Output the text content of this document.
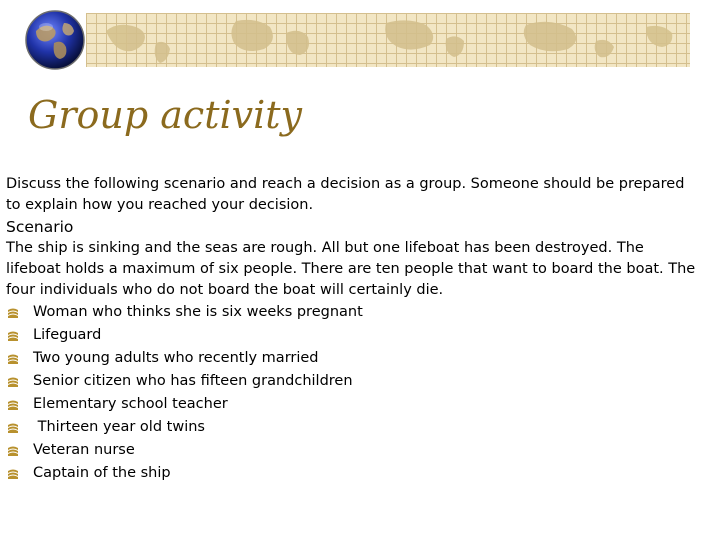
Group activity

Discuss the following scenario and reach a decision as a group. Someone should be prepared to explain how you reached your decision.

Scenario

The ship is sinking and the seas are rough. All but one lifeboat has been destroyed. The lifeboat holds a maximum of six people. There are ten people that want to board the boat. The four individuals who do not board the boat will certainly die.

Woman who thinks she is six weeks pregnant
Lifeguard
Two young adults who recently married
Senior citizen who has fifteen grandchildren
Elementary school teacher
Thirteen year old twins
Veteran nurse
Captain of the ship
